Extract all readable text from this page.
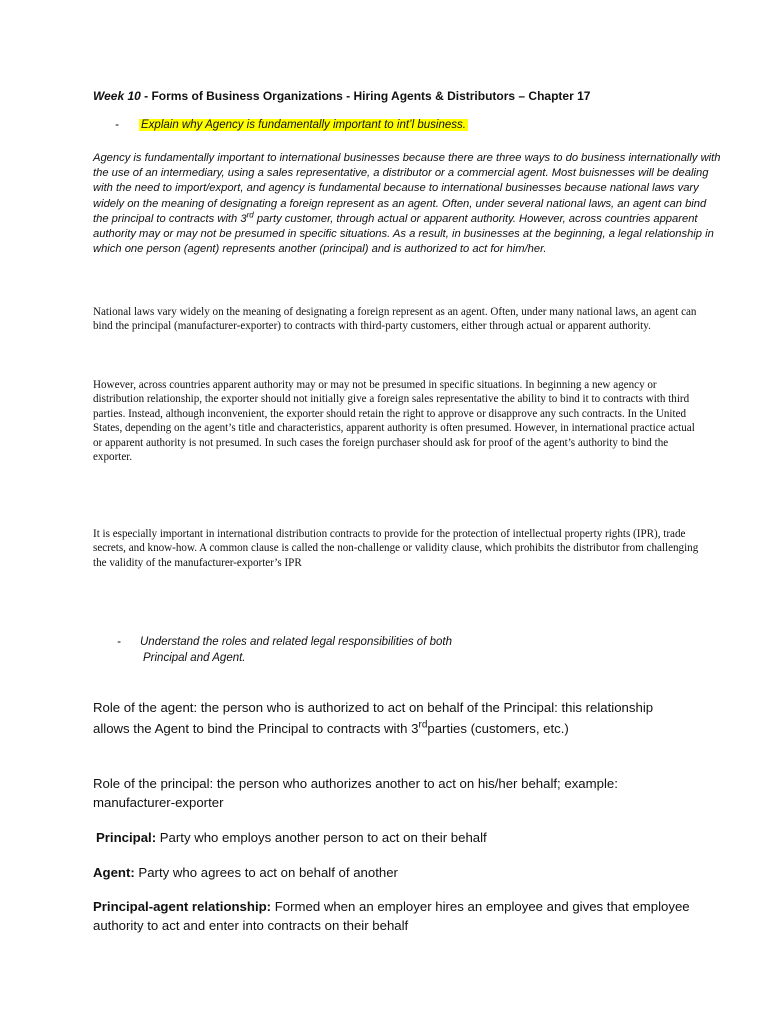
Week 10 - Forms of Business Organizations - Hiring Agents & Distributors – Chapter 17
- Explain why Agency is fundamentally important to int’l business.

Agency is fundamentally important to international businesses because there are three ways to do business internationally with the use of an intermediary, using a sales representative, a distributor or a commercial agent. Most buisnesses will be dealing with the need to import/export, and agency is fundamental because to international businesses because national laws vary widely on the meaning of designating a foreign represent as an agent. Often, under several national laws, an agent can bind the principal to contracts with 3rd party customer, through actual or apparent authority. However, across countries apparent authority may or may not be presumed in specific situations. As a result, in businesses at the beginning, a legal relationship in which one person (agent) represents another (principal) and is authorized to act for him/her.

National laws vary widely on the meaning of designating a foreign represent as an agent. Often, under many national laws, an agent can bind the principal (manufacturer-exporter) to contracts with third-party customers, either through actual or apparent authority.

However, across countries apparent authority may or may not be presumed in specific situations. In beginning a new agency or distribution relationship, the exporter should not initially give a foreign sales representative the ability to bind it to contracts with third parties. Instead, although inconvenient, the exporter should retain the right to approve or disapprove any such contracts. In the United States, depending on the agent’s title and characteristics, apparent authority is often presumed. However, in international practice actual or apparent authority is not presumed. In such cases the foreign purchaser should ask for proof of the agent’s authority to bind the exporter.

It is especially important in international distribution contracts to provide for the protection of intellectual property rights (IPR), trade secrets, and know-how. A common clause is called the non-challenge or validity clause, which prohibits the distributor from challenging the validity of the manufacturer-exporter’s IPR

- Understand the roles and related legal responsibilities of both
Principal and Agent.

Role of the agent: the person who is authorized to act on behalf of the Principal: this relationship allows the Agent to bind the Principal to contracts with 3rdparties (customers, etc.)

Role of the principal: the person who authorizes another to act on his/her behalf; example: manufacturer-exporter

Principal: Party who employs another person to act on their behalf

Agent: Party who agrees to act on behalf of another

Principal-agent relationship: Formed when an employer hires an employee and gives that employee authority to act and enter into contracts on their behalf
